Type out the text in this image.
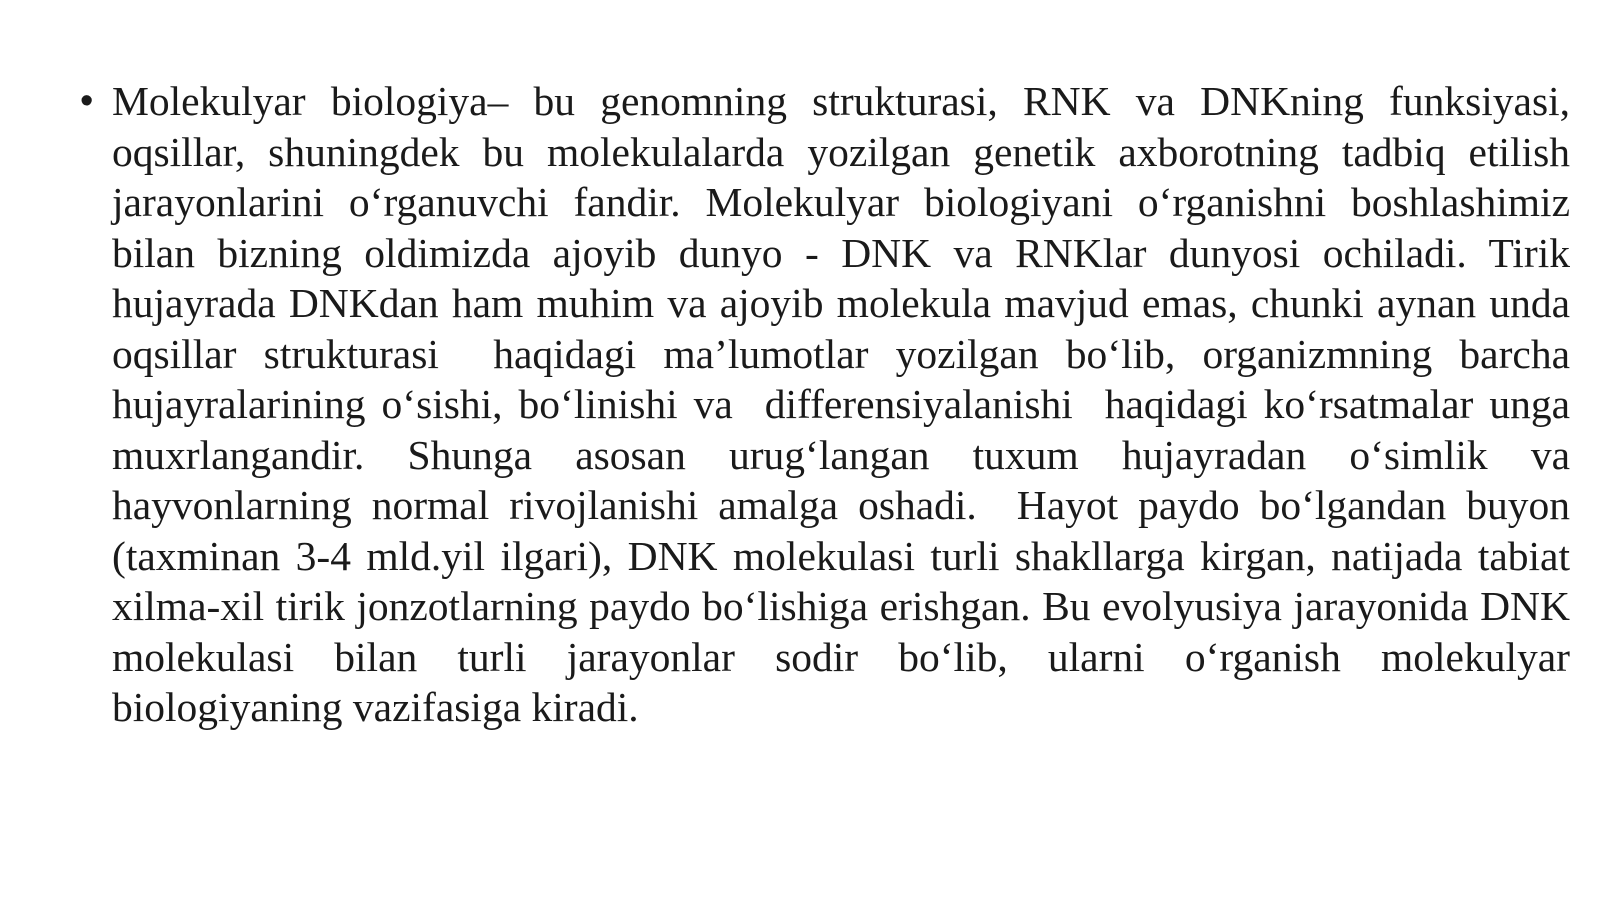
• Molekulyar biologiya– bu genomning strukturasi, RNK va DNKning funksiyasi, oqsillar, shuningdek bu molekulalarda yozilgan genetik axborotning tadbiq etilish jarayonlarini oʻrganuvchi fandir. Molekulyar biologiyani oʻrganishni boshlashimiz bilan bizning oldimizda ajoyib dunyo - DNK va RNKlar dunyosi ochiladi. Tirik hujayrada DNKdan ham muhim va ajoyib molekula mavjud emas, chunki aynan unda oqsillar strukturasi  haqidagi ma’lumotlar yozilgan boʻlib, organizmning barcha hujayralarining oʻsishi, boʻlinishi va  differensiyalanishi  haqidagi koʻrsatmalar unga muxrlangandir. Shunga asosan urugʻlangan tuxum hujayradan oʻsimlik va hayvonlarning normal rivojlanishi amalga oshadi.  Hayot paydo boʻlgandan buyon (taxminan 3-4 mld.yil ilgari), DNK molekulasi turli shakllarga kirgan, natijada tabiat xilma-xil tirik jonzotlarning paydo boʻlishiga erishgan. Bu evolyusiya jarayonida DNK molekulasi bilan turli jarayonlar sodir boʻlib, ularni oʻrganish molekulyar biologiyaning vazifasiga kiradi.
